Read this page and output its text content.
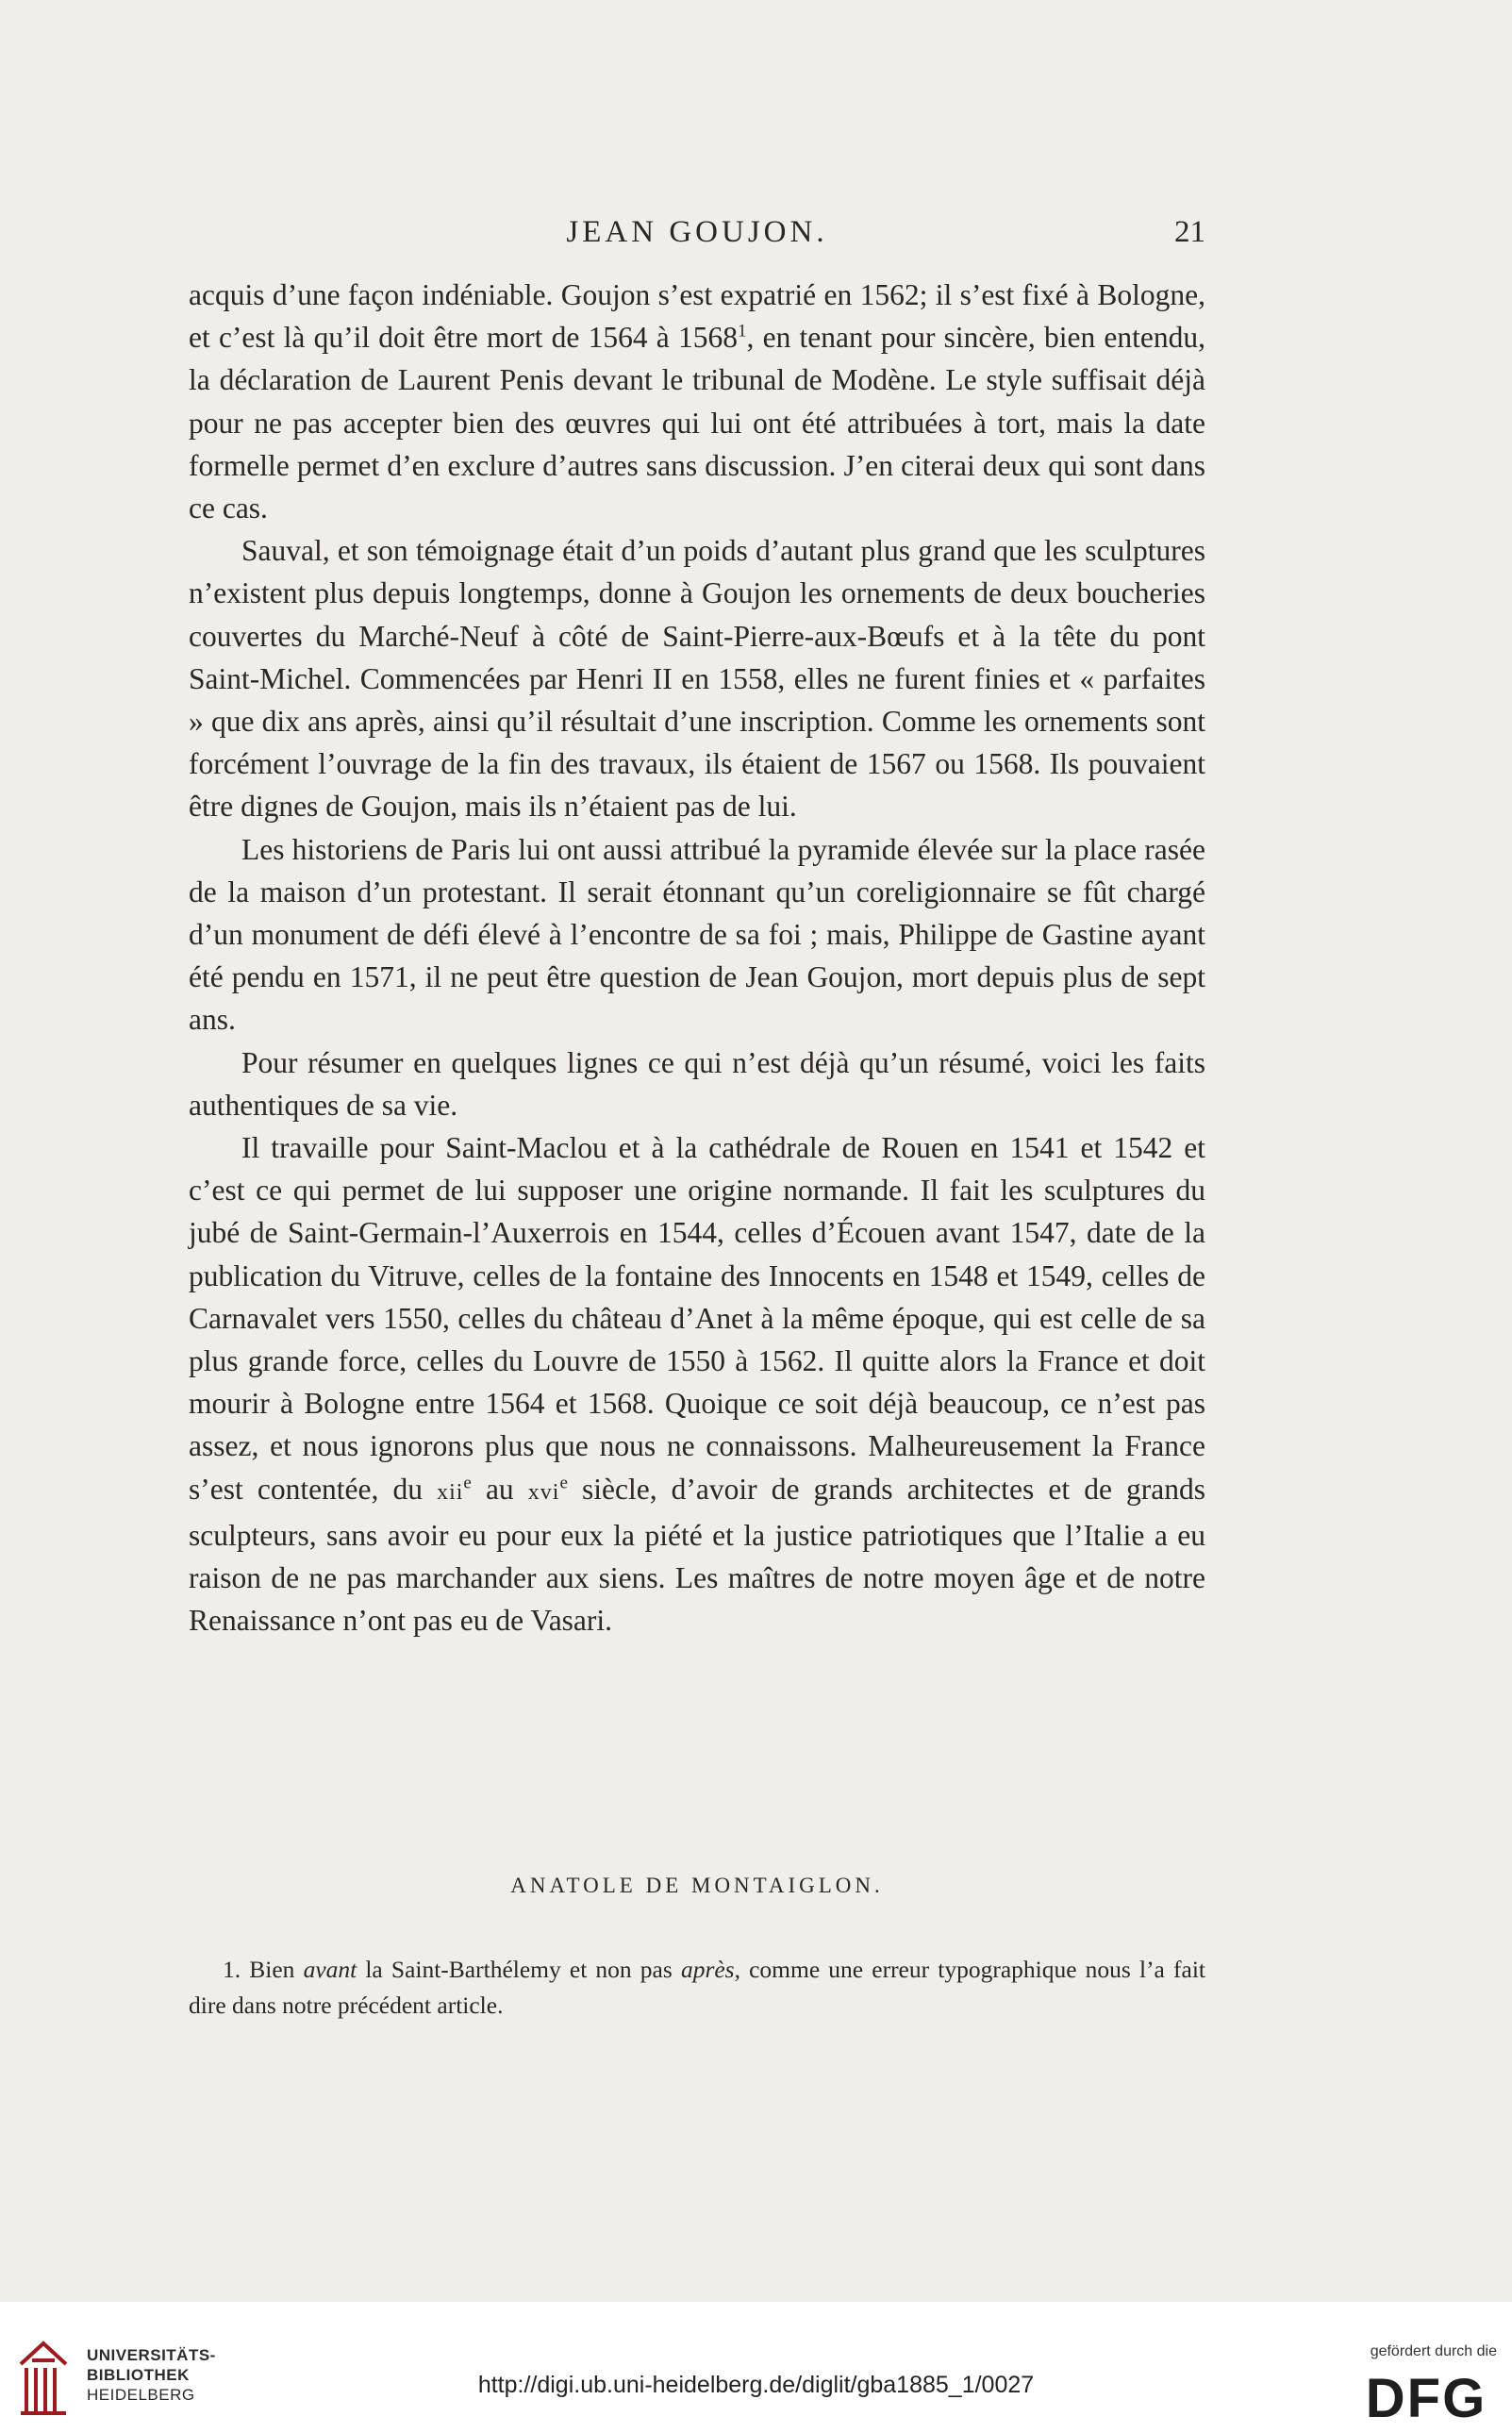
JEAN GOUJON.	21

acquis d’une façon indéniable. Goujon s’est expatrié en 1562; il s’est fixé à Bologne, et c’est là qu’il doit être mort de 1564 à 1568$^1$, en tenant pour sincère, bien entendu, la déclaration de Laurent Penis devant le tribunal de Modène. Le style suffisait déjà pour ne pas accepter bien des œuvres qui lui ont été attribuées à tort, mais la date formelle permet d’en exclure d’autres sans discussion. J’en citerai deux qui sont dans ce cas.

Sauval, et son témoignage était d’un poids d’autant plus grand que les sculptures n’existent plus depuis longtemps, donne à Goujon les ornements de deux boucheries couvertes du Marché-Neuf à côté de Saint-Pierre-aux-Bœufs et à la tête du pont Saint-Michel. Commencées par Henri II en 1558, elles ne furent finies et « parfaites » que dix ans après, ainsi qu’il résultait d’une inscription. Comme les ornements sont forcément l’ouvrage de la fin des travaux, ils étaient de 1567 ou 1568. Ils pouvaient être dignes de Goujon, mais ils n’étaient pas de lui.

Les historiens de Paris lui ont aussi attribué la pyramide élevée sur la place rasée de la maison d’un protestant. Il serait étonnant qu’un coreligionnaire se fût chargé d’un monument de défi élevé à l’encontre de sa foi ; mais, Philippe de Gastine ayant été pendu en 1571, il ne peut être question de Jean Goujon, mort depuis plus de sept ans.

Pour résumer en quelques lignes ce qui n’est déjà qu’un résumé, voici les faits authentiques de sa vie.

Il travaille pour Saint-Maclou et à la cathédrale de Rouen en 1541 et 1542 et c’est ce qui permet de lui supposer une origine normande. Il fait les sculptures du jubé de Saint-Germain-l’Auxerrois en 1544, celles d’Écouen avant 1547, date de la publication du Vitruve, celles de la fontaine des Innocents en 1548 et 1549, celles de Carnavalet vers 1550, celles du château d’Anet à la même époque, qui est celle de sa plus grande force, celles du Louvre de 1550 à 1562. Il quitte alors la France et doit mourir à Bologne entre 1564 et 1568. Quoique ce soit déjà beaucoup, ce n’est pas assez, et nous ignorons plus que nous ne connaissons. Malheureusement la France s’est contentée, du xii$^e$ au xvi$^e$ siècle, d’avoir de grands architectes et de grands sculpteurs, sans avoir eu pour eux la piété et la justice patriotiques que l’Italie a eu raison de ne pas marchander aux siens. Les maîtres de notre moyen âge et de notre Renaissance n’ont pas eu de Vasari.

ANATOLE DE MONTAIGLON.
1. Bien avant la Saint-Barthélemy et non pas après, comme une erreur typographique nous l’a fait dire dans notre précédent article.
UNIVERSITÄTS-
BIBLIOTHEK
HEIDELBERG	http://digi.ub.uni-heidelberg.de/diglit/gba1885_1/0027
gefördert durch die
DFG
